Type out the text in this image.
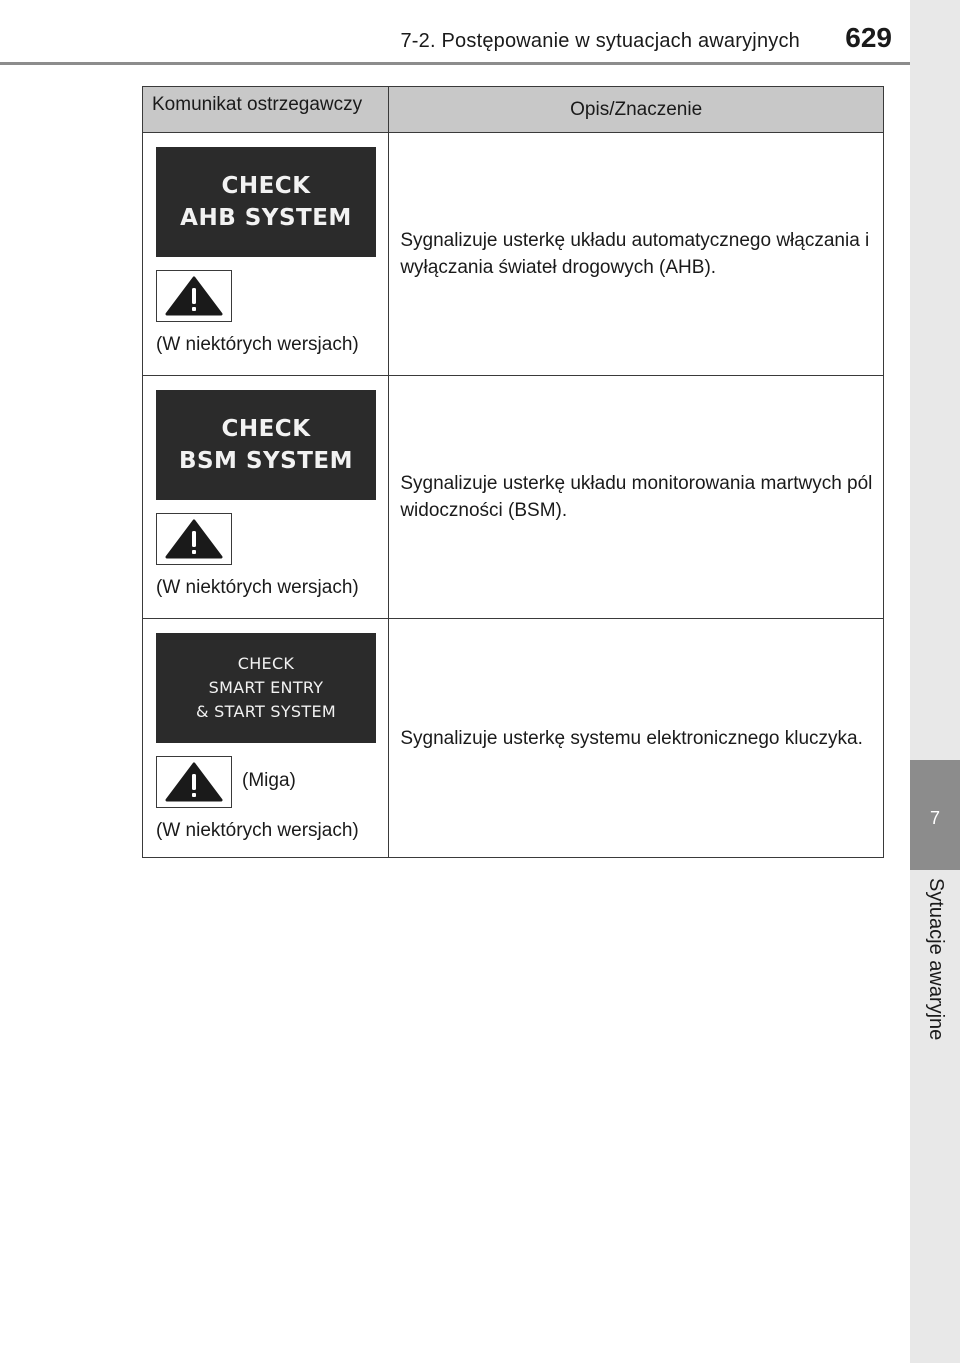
7-2. Postępowanie w sytuacjach awaryjnych 629
7
Sytuacje awaryjne
Komunikat ostrzegawczy	Opis/Znaczenie

CHECK
AHB SYSTEM
(W niektórych wersjach)	Sygnalizuje usterkę układu automatycznego włączania i wyłączania świateł drogowych (AHB).

CHECK
BSM SYSTEM
(W niektórych wersjach)	Sygnalizuje usterkę układu monitorowania martwych pól widoczności (BSM).

CHECK
SMART ENTRY
& START SYSTEM
(Miga)
(W niektórych wersjach)	Sygnalizuje usterkę systemu elektronicznego kluczyka.
